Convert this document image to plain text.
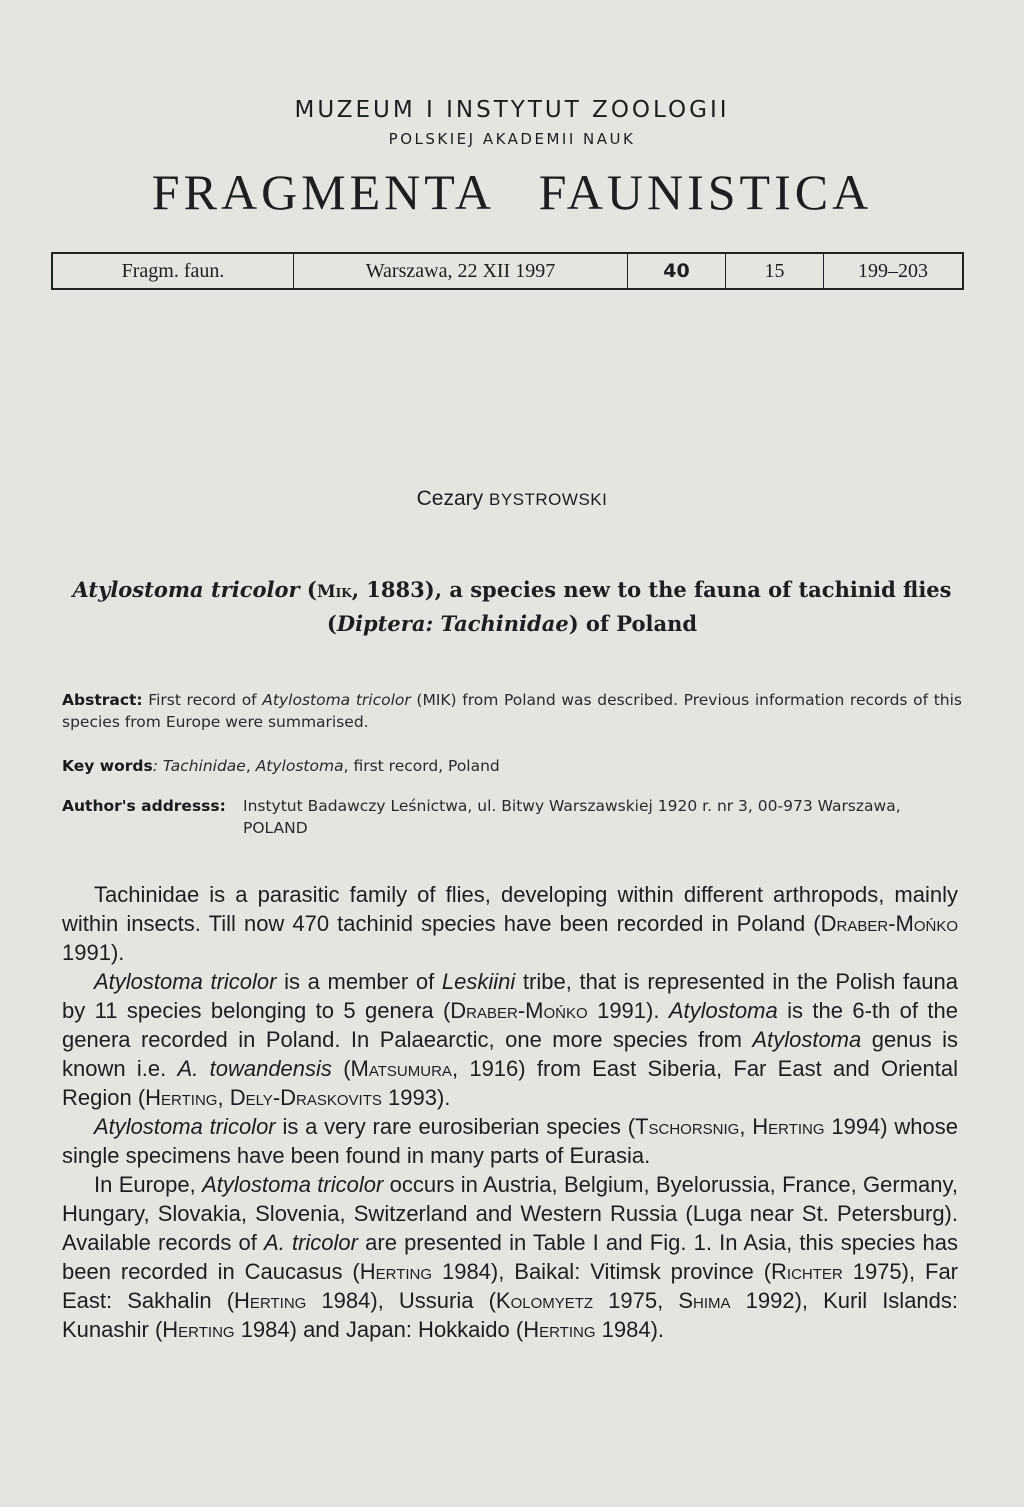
MUZEUM I INSTYTUT ZOOLOGII
POLSKIEJ AKADEMII NAUK
FRAGMENTA FAUNISTICA
Fragm. faun.	Warszawa, 22 XII 1997	40	15	199–203
Cezary BYSTROWSKI
Atylostoma tricolor (Mik, 1883), a species new to the fauna of tachinid flies (Diptera: Tachinidae) of Poland
Abstract: First record of Atylostoma tricolor (MIK) from Poland was described. Previous information records of this species from Europe were summarised.
Key words: Tachinidae, Atylostoma, first record, Poland
Author's addresss: Instytut Badawczy Leśnictwa, ul. Bitwy Warszawskiej 1920 r. nr 3, 00-973 Warszawa, POLAND

Tachinidae is a parasitic family of flies, developing within different arthropods, mainly within insects. Till now 470 tachinid species have been recorded in Poland (Draber-Mońko 1991).

Atylostoma tricolor is a member of Leskiini tribe, that is represented in the Polish fauna by 11 species belonging to 5 genera (Draber-Mońko 1991). Atylostoma is the 6-th of the genera recorded in Poland. In Palaearctic, one more species from Atylostoma genus is known i.e. A. towandensis (Matsumura, 1916) from East Siberia, Far East and Oriental Region (Herting, Dely-Draskovits 1993).

Atylostoma tricolor is a very rare eurosiberian species (Tschorsnig, Herting 1994) whose single specimens have been found in many parts of Eurasia.

In Europe, Atylostoma tricolor occurs in Austria, Belgium, Byelorussia, France, Germany, Hungary, Slovakia, Slovenia, Switzerland and Western Russia (Luga near St. Petersburg). Available records of A. tricolor are presented in Table I and Fig. 1. In Asia, this species has been recorded in Caucasus (Herting 1984), Baikal: Vitimsk province (Richter 1975), Far East: Sakhalin (Herting 1984), Ussuria (Kolomyetz 1975, Shima 1992), Kuril Islands: Kunashir (Herting 1984) and Japan: Hokkaido (Herting 1984).
